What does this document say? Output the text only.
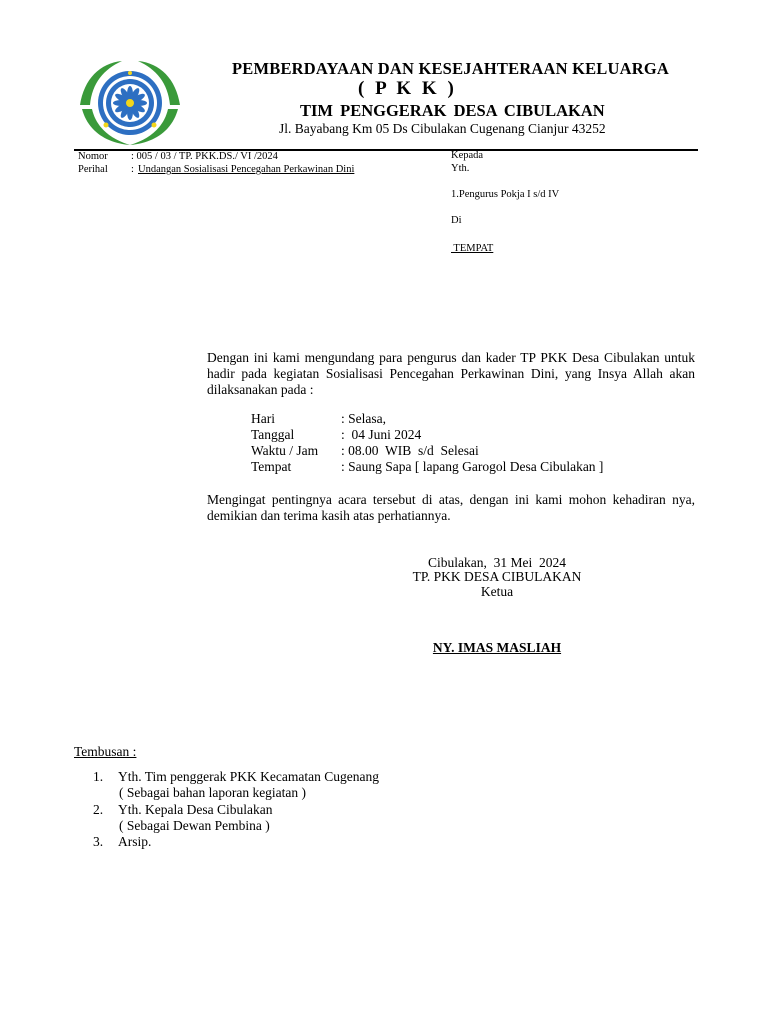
PEMBERDAYAAN DAN KESEJAHTERAAN KELUARGA
( P K K )
TIM PENGGERAK DESA CIBULAKAN
Jl. Bayabang Km 05 Ds Cibulakan Cugenang Cianjur 43252
Nomor : 005 / 03 / TP. PKK.DS./ VI /2024
Perihal : Undangan Sosialisasi Pencegahan Perkawinan Dini
Kepada
Yth.
1.Pengurus Pokja I s/d IV
Di
TEMPAT
Dengan ini kami mengundang para pengurus dan kader TP PKK Desa Cibulakan untuk hadir pada kegiatan Sosialisasi Pencegahan Perkawinan Dini, yang Insya Allah akan dilaksanakan pada :
Hari	: Selasa,
Tanggal	:  04 Juni 2024
Waktu / Jam	: 08.00  WIB  s/d  Selesai
Tempat	: Saung Sapa [ lapang Garogol Desa Cibulakan ]
Mengingat pentingnya acara tersebut di atas, dengan ini kami mohon kehadiran nya, demikian dan terima kasih atas perhatiannya.
Cibulakan,  31 Mei  2024
TP. PKK DESA CIBULAKAN
Ketua
NY. IMAS MASLIAH
Tembusan :
1. Yth. Tim penggerak PKK Kecamatan Cugenang
( Sebagai bahan laporan kegiatan )
2. Yth. Kepala Desa Cibulakan
( Sebagai Dewan Pembina )
3. Arsip.
